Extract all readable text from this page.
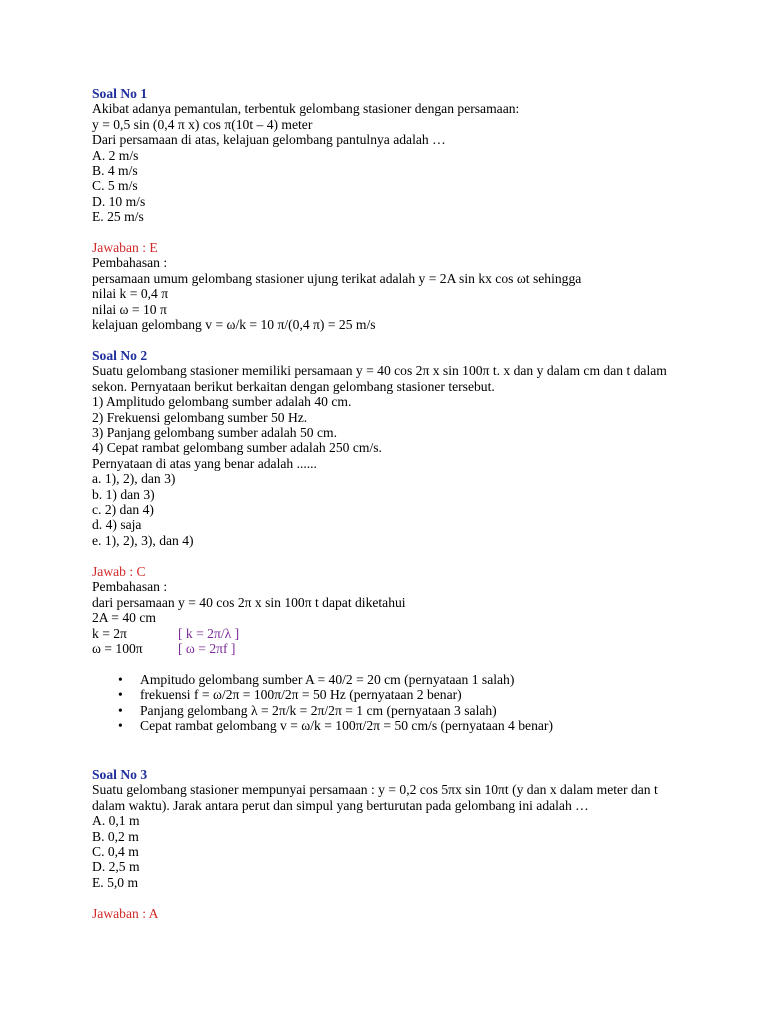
Soal No 1
Akibat adanya pemantulan, terbentuk gelombang stasioner dengan persamaan:
y = 0,5 sin (0,4 π x) cos π(10t – 4) meter
Dari persamaan di atas, kelajuan gelombang pantulnya adalah …
A. 2 m/s
B. 4 m/s
C. 5 m/s
D. 10 m/s
E. 25 m/s
Jawaban : E
Pembahasan :
persamaan umum gelombang stasioner ujung terikat adalah y = 2A sin kx cos ωt sehingga
nilai k = 0,4 π
nilai ω = 10 π
kelajuan gelombang v = ω/k = 10 π/(0,4 π) = 25 m/s
Soal No 2
Suatu gelombang stasioner memiliki persamaan y = 40 cos 2π x sin 100π t. x dan y dalam cm dan t dalam sekon. Pernyataan berikut berkaitan dengan gelombang stasioner tersebut.
1) Amplitudo gelombang sumber adalah 40 cm.
2) Frekuensi gelombang sumber 50 Hz.
3) Panjang gelombang sumber adalah 50 cm.
4) Cepat rambat gelombang sumber adalah 250 cm/s.
Pernyataan di atas yang benar adalah ......
a. 1), 2), dan 3)
b. 1) dan 3)
c. 2) dan 4)
d. 4) saja
e. 1), 2), 3), dan 4)
Jawab : C
Pembahasan :
dari persamaan y = 40 cos 2π x sin 100π t dapat diketahui
2A = 40 cm
k = 2π	[ k = 2π/λ ]
ω = 100π	[ ω = 2πf ]
• Ampitudo gelombang sumber A = 40/2 = 20 cm (pernyataan 1 salah)
• frekuensi f = ω/2π = 100π/2π = 50 Hz (pernyataan 2 benar)
• Panjang gelombang λ = 2π/k = 2π/2π = 1 cm (pernyataan 3 salah)
• Cepat rambat gelombang v = ω/k = 100π/2π = 50 cm/s (pernyataan 4 benar)
Soal No 3
Suatu gelombang stasioner mempunyai persamaan : y = 0,2 cos 5πx sin 10πt (y dan x dalam meter dan t dalam waktu). Jarak antara perut dan simpul yang berturutan pada gelombang ini adalah …
A. 0,1 m
B. 0,2 m
C. 0,4 m
D. 2,5 m
E. 5,0 m
Jawaban : A
